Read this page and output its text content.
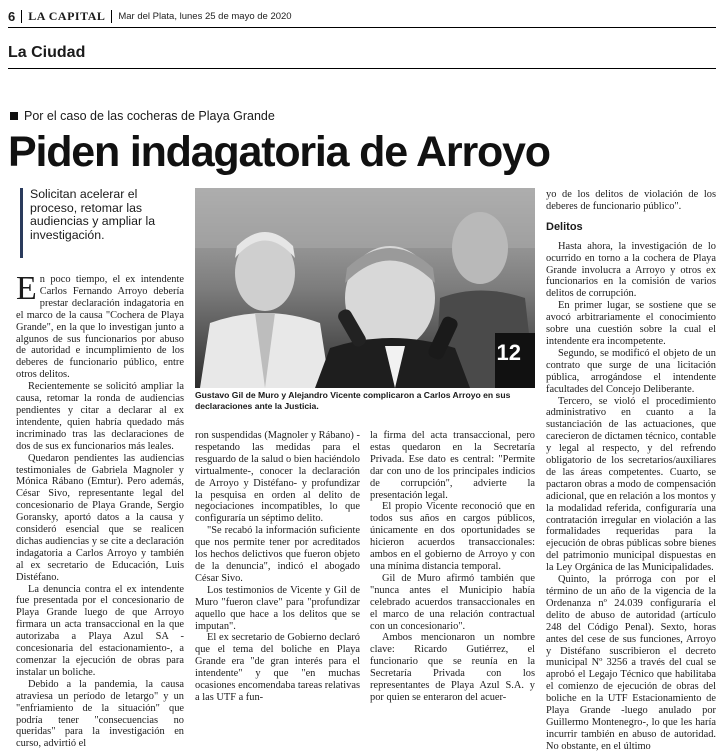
6 LA CAPITAL Mar del Plata, lunes 25 de mayo de 2020
La Ciudad
Por el caso de las cocheras de Playa Grande
Piden indagatoria de Arroyo
Solicitan acelerar el proceso, retomar las audiencias y ampliar la investigación.
12
Gustavo Gil de Muro y Alejandro Vicente complicaron a Carlos Arroyo en sus declaraciones ante la Justicia.

En poco tiempo, el ex intendente Carlos Fernando Arroyo debería prestar declaración indagatoria en el marco de la causa "Cochera de Playa Grande", en la que lo investigan junto a algunos de sus funcionarios por abuso de autoridad e incumplimiento de los deberes de funcionario público, entre otros delitos.

Recientemente se solicitó ampliar la causa, retomar la ronda de audiencias pendientes y citar a declarar al ex intendente, quien habría quedado más incriminado tras las declaraciones de dos de sus ex funcionarios más leales.

Quedaron pendientes las audiencias testimoniales de Gabriela Magnoler y Mónica Rábano (Emtur). Pero además, César Sivo, representante legal del concesionario de Playa Grande, Sergio Goransky, aportó datos a la causa y consideró esencial que se realicen dichas audiencias y se cite a declaración indagatoria a Carlos Arroyo y también al ex secretario de Educación, Luis Distéfano.

La denuncia contra el ex intendente fue presentada por el concesionario de Playa Grande luego de que Arroyo firmara un acta transaccional en la que autorizaba a Playa Azul SA -concesionaria del estacionamiento-, a comenzar la ejecución de obras para instalar un boliche.

Debido a la pandemia, la causa atraviesa un período de letargo" y un "enfriamiento de la situación" que podría tener "consecuencias no queridas" para la investigación en curso, advirtió el

ron suspendidas (Magnoler y Rábano) -respetando las medidas para el resguardo de la salud o bien haciéndolo virtualmente-, conocer la declaración de Arroyo y Distéfano- y profundizar la pesquisa en orden al delito de negociaciones incompatibles, lo que configuraría un séptimo delito.

"Se recabó la información suficiente que nos permite tener por acreditados los hechos delictivos que fueron objeto de la denuncia", indicó el abogado César Sivo.

Los testimonios de Vicente y Gil de Muro "fueron clave" para "profundizar aquello que hace a los delitos que se imputan".

El ex secretario de Gobierno declaró que el tema del boliche en Playa Grande era "de gran interés para el intendente" y que "en muchas ocasiones encomendaba tareas relativas a las UTF a fun-

la firma del acta transaccional, pero estas quedaron en la Secretaría Privada. Ese dato es central: "Permite dar con uno de los principales indicios de corrupción", advierte la presentación legal.

El propio Vicente reconoció que en todos sus años en cargos públicos, únicamente en dos oportunidades se hicieron acuerdos transaccionales: ambos en el gobierno de Arroyo y con una mínima distancia temporal.

Gil de Muro afirmó también que "nunca antes el Municipio había celebrado acuerdos transaccionales en el marco de una relación contractual con un concesionario".

Ambos mencionaron un nombre clave: Ricardo Gutiérrez, el funcionario que se reunía en la Secretaría Privada con los representantes de Playa Azul S.A. y por quien se enteraron del acuer-

yo de los delitos de violación de los deberes de funcionario público".

Delitos

Hasta ahora, la investigación de lo ocurrido en torno a la cochera de Playa Grande involucra a Arroyo y otros ex funcionarios en la comisión de varios delitos de corrupción.

En primer lugar, se sostiene que se avocó arbitrariamente el conocimiento sobre una cuestión sobre la cual el intendente era incompetente.

Segundo, se modificó el objeto de un contrato que surge de una licitación pública, arrogándose el intendente facultades del Concejo Deliberante.

Tercero, se violó el procedimiento administrativo en cuanto a la sustanciación de las actuaciones, que carecieron de dictamen técnico, contable y legal al respecto, y del refrendo obligatorio de los secretarios/auxiliares de las áreas competentes. Cuarto, se pactaron obras a modo de compensación adicional, que en relación a los montos y la modalidad referida, configuraría una contratación irregular en violación a las formalidades requeridas para la ejecución de obras públicas sobre bienes del patrimonio municipal dispuestas en la Ley Orgánica de las Municipalidades.

Quinto, la prórroga con por el término de un año de la vigencia de la Ordenanza nº 24.039 configuraría el delito de abuso de autoridad (artículo 248 del Código Penal). Sexto, horas antes del cese de sus funciones, Arroyo y Distéfano suscribieron el decreto municipal Nº 3256 a través del cual se aprobó el Legajo Técnico que habilitaba el comienzo de ejecución de obras del boliche en la UTF Estacionamiento de Playa Grande -luego anulado por Guillermo Montenegro-, lo que les haría incurrir también en abuso de autoridad. No obstante, en el último
